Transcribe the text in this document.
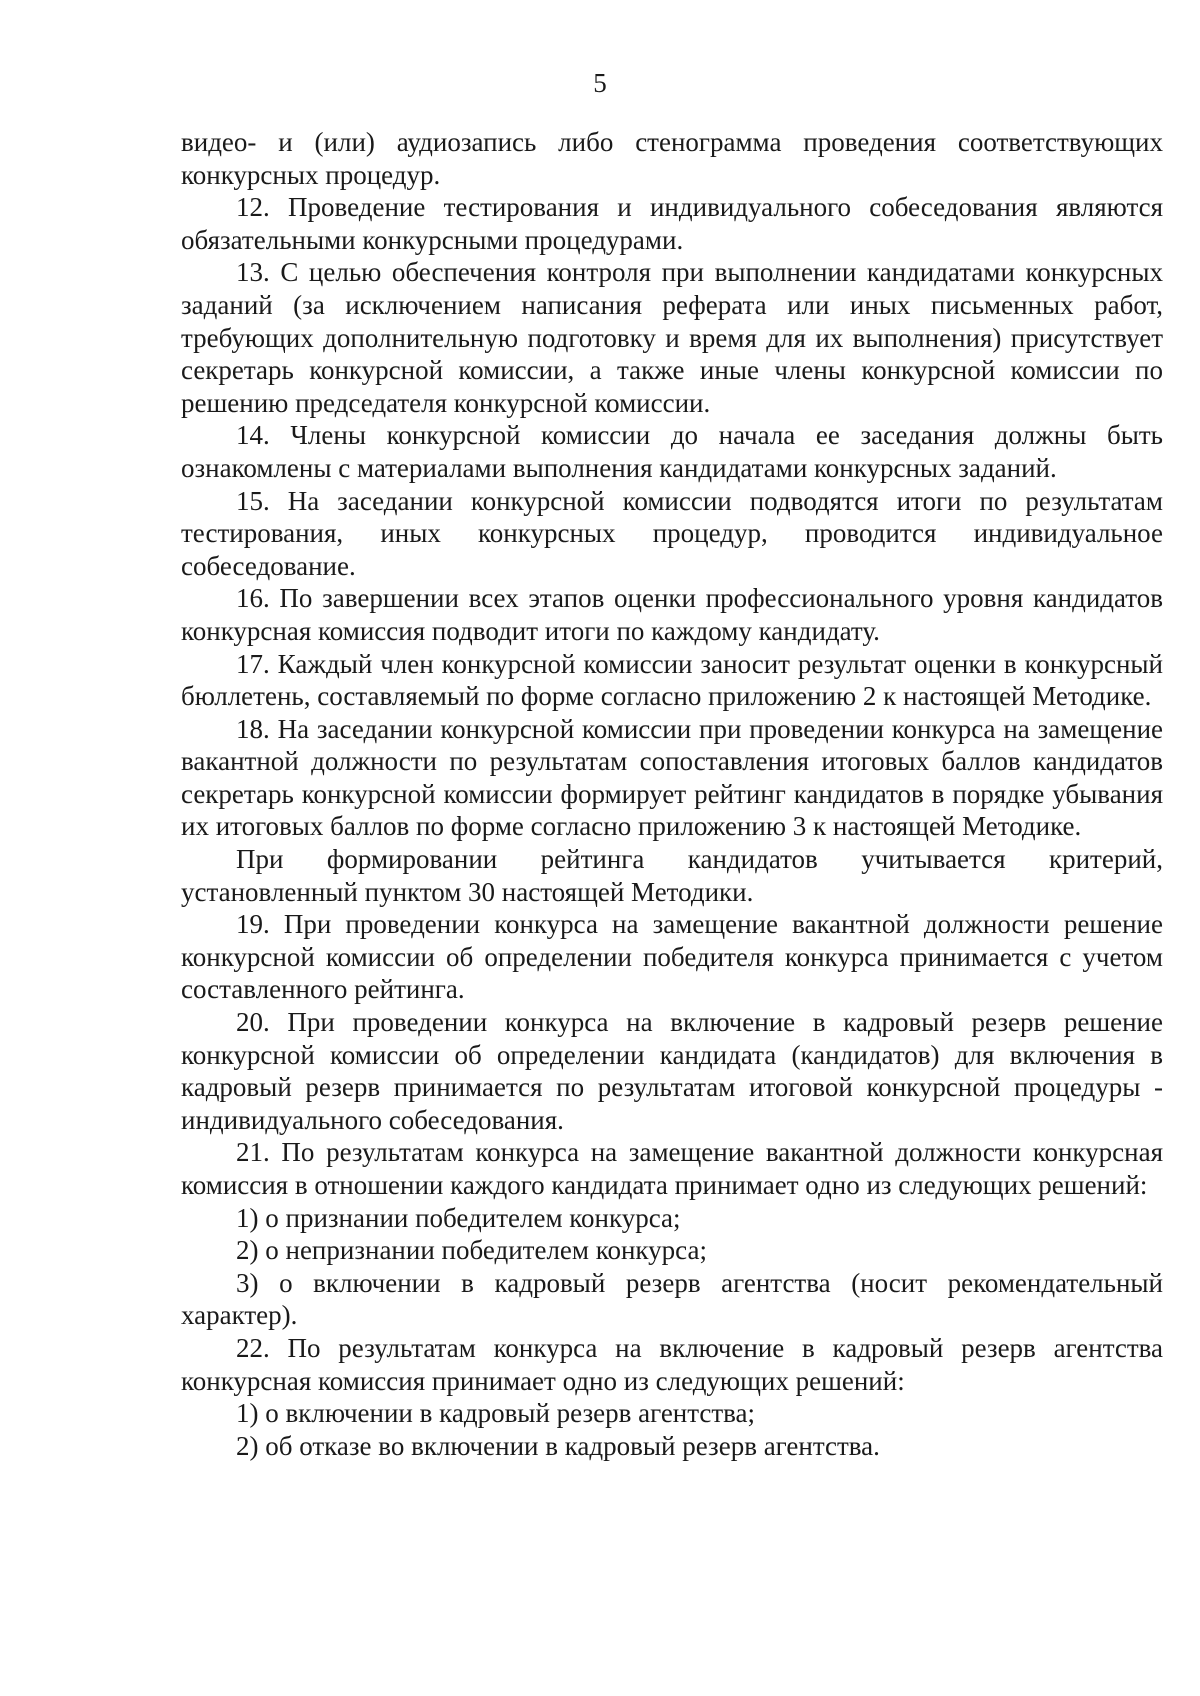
5

видео- и (или) аудиозапись либо стенограмма проведения соответствующих конкурсных процедур.

12. Проведение тестирования и индивидуального собеседования являются обязательными конкурсными процедурами.

13. С целью обеспечения контроля при выполнении кандидатами конкурсных заданий (за исключением написания реферата или иных письменных работ, требующих дополнительную подготовку и время для их выполнения) присутствует секретарь конкурсной комиссии, а также иные члены конкурсной комиссии по решению председателя конкурсной комиссии.

14. Члены конкурсной комиссии до начала ее заседания должны быть ознакомлены с материалами выполнения кандидатами конкурсных заданий.

15. На заседании конкурсной комиссии подводятся итоги по результатам тестирования, иных конкурсных процедур, проводится индивидуальное собеседование.

16. По завершении всех этапов оценки профессионального уровня кандидатов конкурсная комиссия подводит итоги по каждому кандидату.

17. Каждый член конкурсной комиссии заносит результат оценки в конкурсный бюллетень, составляемый по форме согласно приложению 2 к настоящей Методике.

18. На заседании конкурсной комиссии при проведении конкурса на замещение вакантной должности по результатам сопоставления итоговых баллов кандидатов секретарь конкурсной комиссии формирует рейтинг кандидатов в порядке убывания их итоговых баллов по форме согласно приложению 3 к настоящей Методике.

При формировании рейтинга кандидатов учитывается критерий, установленный пунктом 30 настоящей Методики.

19. При проведении конкурса на замещение вакантной должности решение конкурсной комиссии об определении победителя конкурса принимается с учетом составленного рейтинга.

20. При проведении конкурса на включение в кадровый резерв решение конкурсной комиссии об определении кандидата (кандидатов) для включения в кадровый резерв принимается по результатам итоговой конкурсной процедуры - индивидуального собеседования.

21. По результатам конкурса на замещение вакантной должности конкурсная комиссия в отношении каждого кандидата принимает одно из следующих решений:

1) о признании победителем конкурса;

2) о непризнании победителем конкурса;

3) о включении в кадровый резерв агентства (носит рекомендательный характер).

22. По результатам конкурса на включение в кадровый резерв агентства конкурсная комиссия принимает одно из следующих решений:

1) о включении в кадровый резерв агентства;

2) об отказе во включении в кадровый резерв агентства.
